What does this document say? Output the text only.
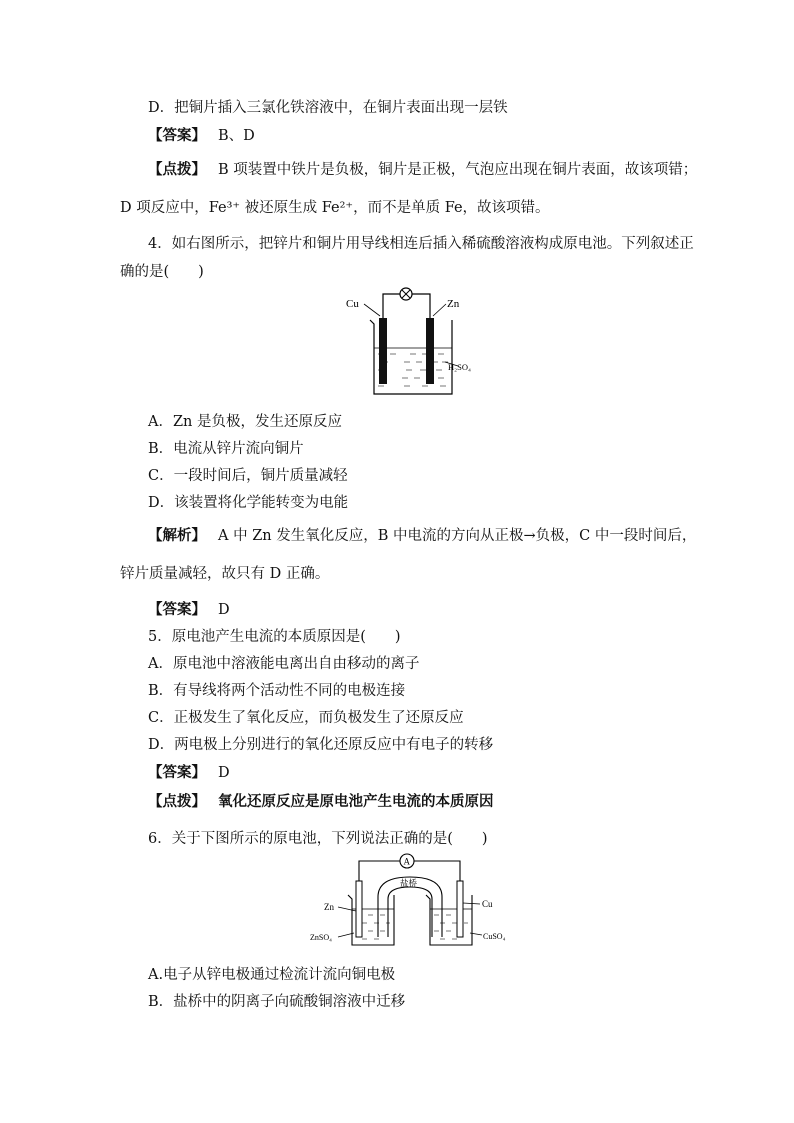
D．把铜片插入三氯化铁溶液中，在铜片表面出现一层铁
【答案】 B、D
【点拨】 B 项装置中铁片是负极，铜片是正极，气泡应出现在铜片表面，故该项错；
D 项反应中，Fe³⁺ 被还原生成 Fe²⁺，而不是单质 Fe，故该项错。
4．如右图所示，把锌片和铜片用导线相连后插入稀硫酸溶液构成原电池。下列叙述正
确的是(　　)
Cu	Zn
H₂SO₄
A．Zn 是负极，发生还原反应
B．电流从锌片流向铜片
C．一段时间后，铜片质量减轻
D．该装置将化学能转变为电能
【解析】 A 中 Zn 发生氧化反应，B 中电流的方向从正极→负极，C 中一段时间后，
锌片质量减轻，故只有 D 正确。
【答案】 D
5．原电池产生电流的本质原因是(　　)
A．原电池中溶液能电离出自由移动的离子
B．有导线将两个活动性不同的电极连接
C．正极发生了氧化反应，而负极发生了还原反应
D．两电极上分别进行的氧化还原反应中有电子的转移
【答案】 D
【点拨】 氧化还原反应是原电池产生电流的本质原因
6．关于下图所示的原电池，下列说法正确的是(　　)
A
盐桥
Zn
ZnSO₄
Cu
CuSO₄
A.电子从锌电极通过检流计流向铜电极
B．盐桥中的阴离子向硫酸铜溶液中迁移
